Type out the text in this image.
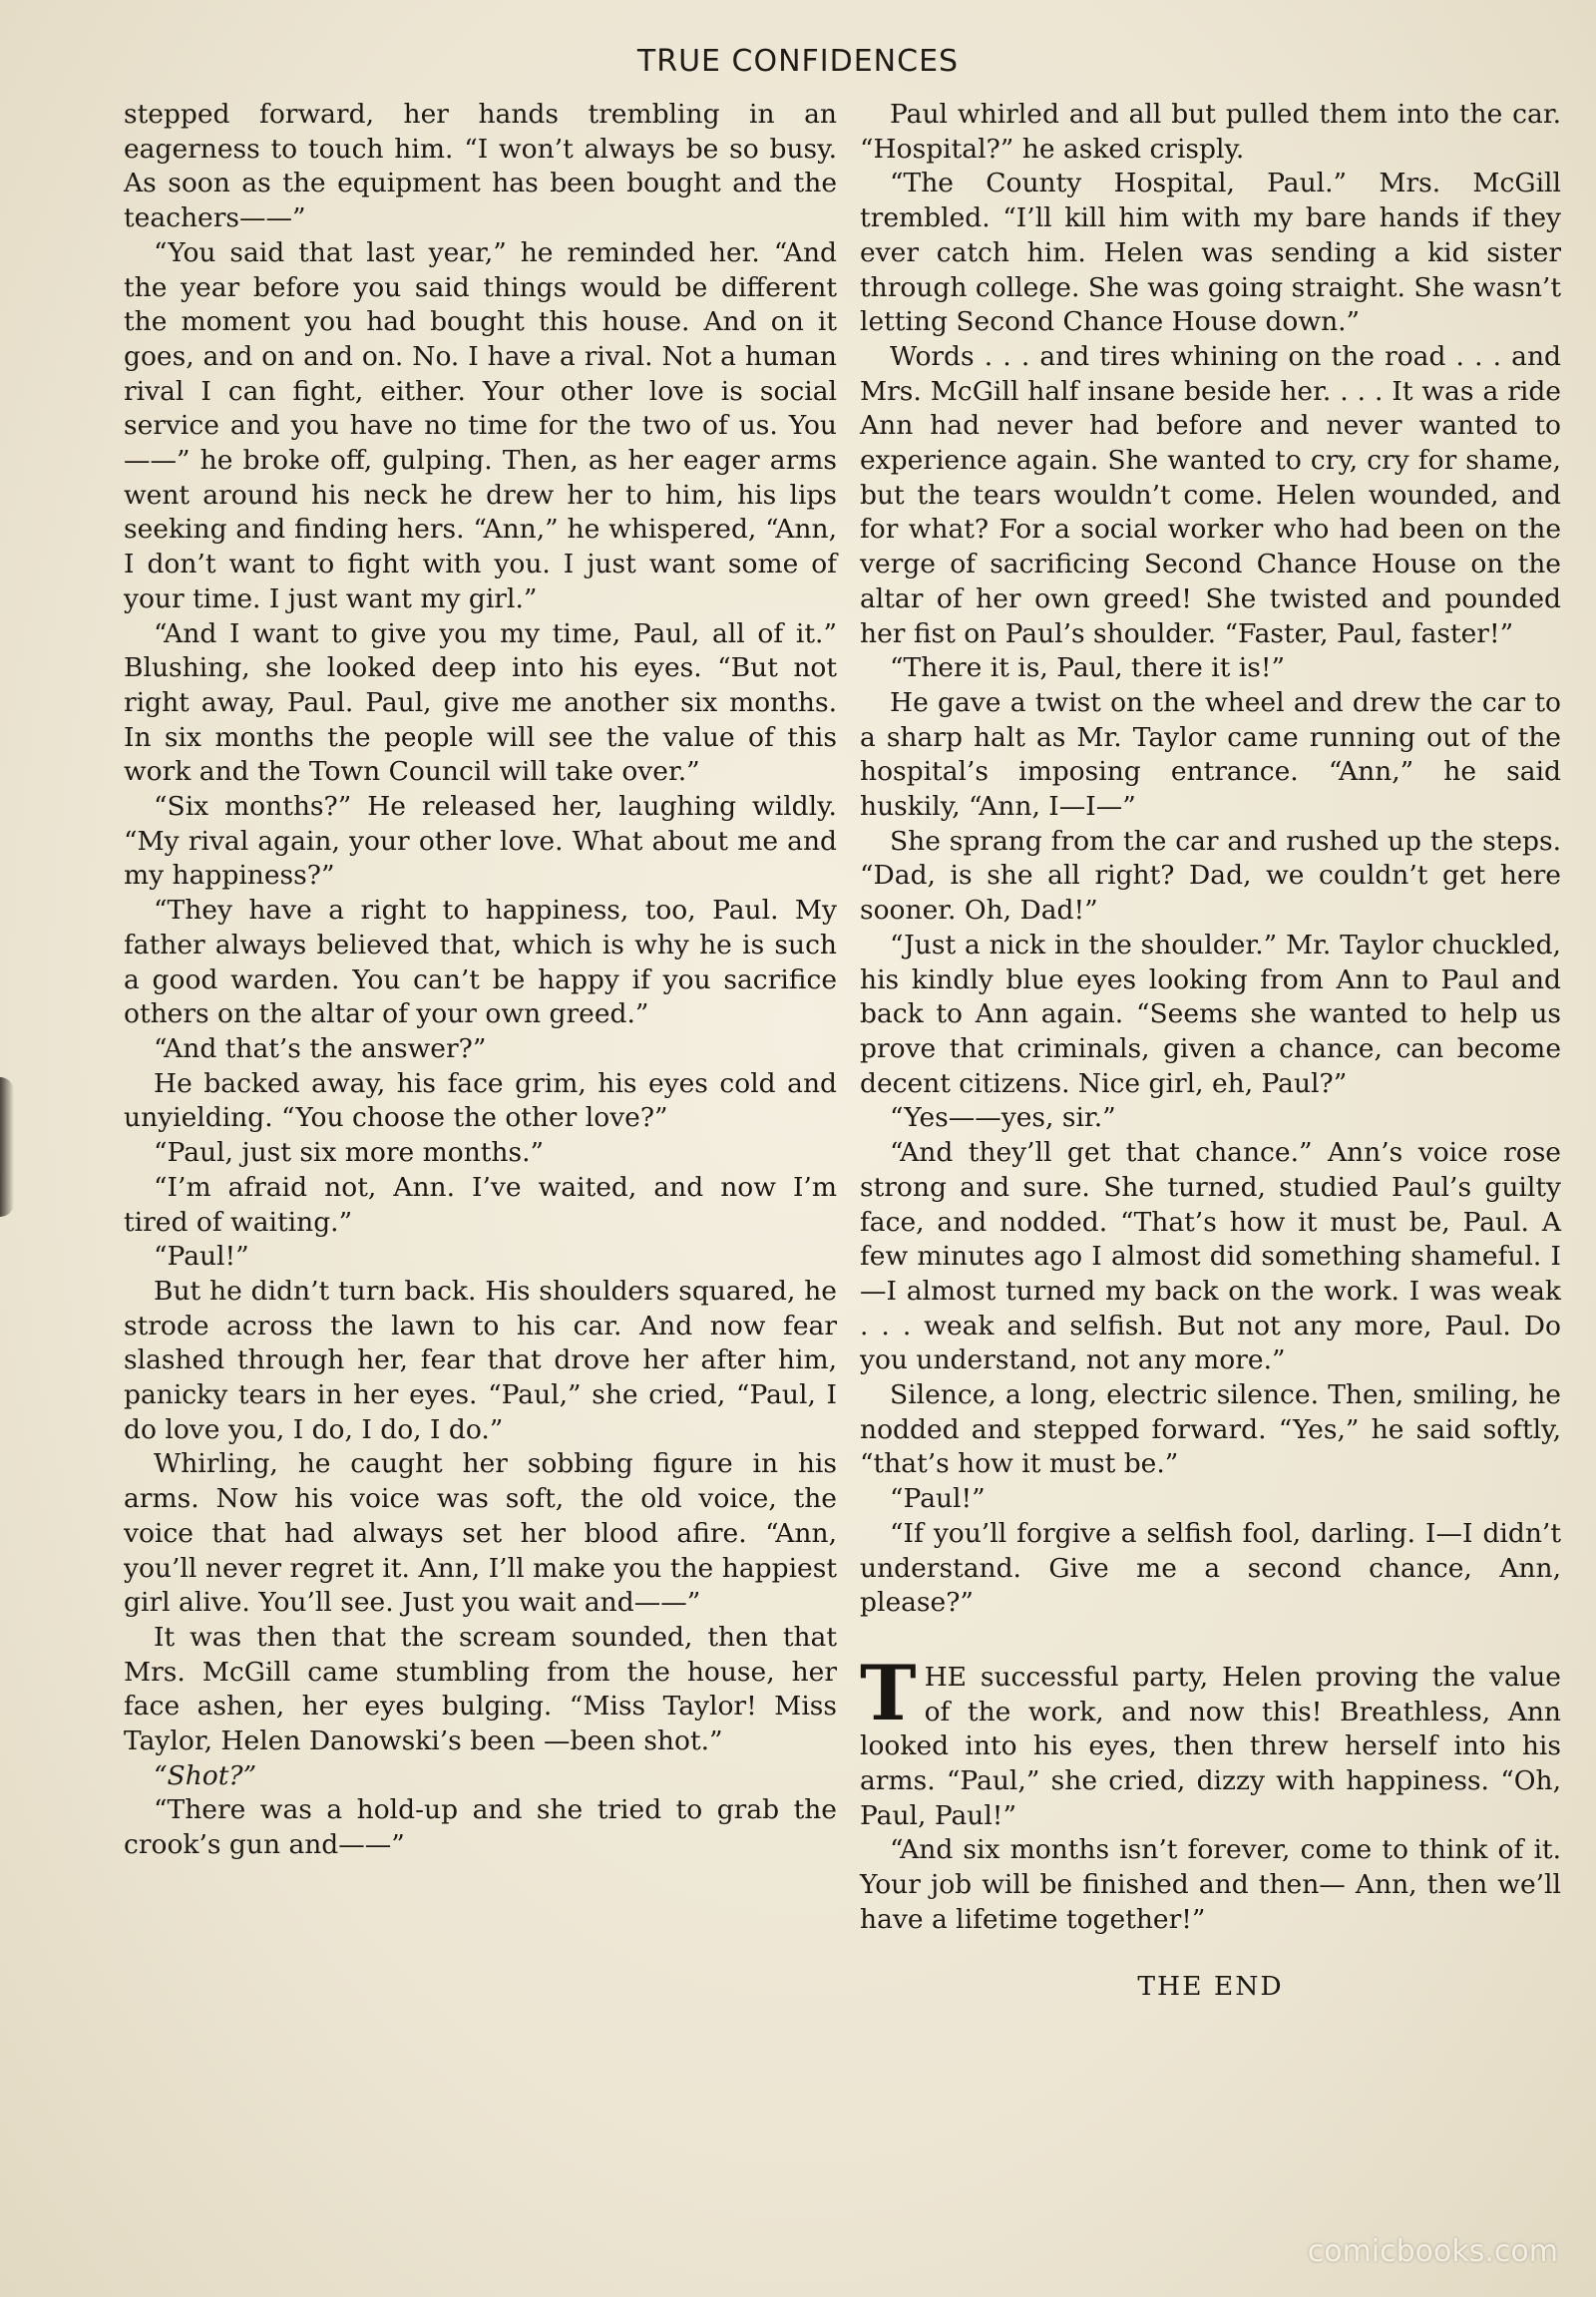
TRUE CONFIDENCES

stepped forward, her hands trembling in an eagerness to touch him. “I won’t always be so busy. As soon as the equipment has been bought and the teachers——”

“You said that last year,” he reminded her. “And the year before you said things would be different the moment you had bought this house. And on it goes, and on and on. No. I have a rival. Not a human rival I can fight, either. Your other love is social service and you have no time for the two of us. You——” he broke off, gulping. Then, as her eager arms went around his neck he drew her to him, his lips seeking and finding hers. “Ann,” he whispered, “Ann, I don’t want to fight with you. I just want some of your time. I just want my girl.”

“And I want to give you my time, Paul, all of it.” Blushing, she looked deep into his eyes. “But not right away, Paul. Paul, give me another six months. In six months the people will see the value of this work and the Town Council will take over.”

“Six months?” He released her, laughing wildly. “My rival again, your other love. What about me and my happiness?”

“They have a right to happiness, too, Paul. My father always believed that, which is why he is such a good warden. You can’t be happy if you sacrifice others on the altar of your own greed.”

“And that’s the answer?”

He backed away, his face grim, his eyes cold and unyielding. “You choose the other love?”

“Paul, just six more months.”

“I’m afraid not, Ann. I’ve waited, and now I’m tired of waiting.”

“Paul!”

But he didn’t turn back. His shoulders squared, he strode across the lawn to his car. And now fear slashed through her, fear that drove her after him, panicky tears in her eyes. “Paul,” she cried, “Paul, I do love you, I do, I do, I do.”

Whirling, he caught her sobbing figure in his arms. Now his voice was soft, the old voice, the voice that had always set her blood afire. “Ann, you’ll never regret it. Ann, I’ll make you the happiest girl alive. You’ll see. Just you wait and——”

It was then that the scream sounded, then that Mrs. McGill came stumbling from the house, her face ashen, her eyes bulging. “Miss Taylor! Miss Taylor, Helen Danowski’s been —been shot.”

“Shot?”

“There was a hold-up and she tried to grab the crook’s gun and——”

Paul whirled and all but pulled them into the car. “Hospital?” he asked crisply.

“The County Hospital, Paul.” Mrs. McGill trembled. “I’ll kill him with my bare hands if they ever catch him. Helen was sending a kid sister through college. She was going straight. She wasn’t letting Second Chance House down.”

Words . . . and tires whining on the road . . . and Mrs. McGill half insane beside her. . . . It was a ride Ann had never had before and never wanted to experience again. She wanted to cry, cry for shame, but the tears wouldn’t come. Helen wounded, and for what? For a social worker who had been on the verge of sacrificing Second Chance House on the altar of her own greed! She twisted and pounded her fist on Paul’s shoulder. “Faster, Paul, faster!”

“There it is, Paul, there it is!”

He gave a twist on the wheel and drew the car to a sharp halt as Mr. Taylor came running out of the hospital’s imposing entrance. “Ann,” he said huskily, “Ann, I—I—”

She sprang from the car and rushed up the steps. “Dad, is she all right? Dad, we couldn’t get here sooner. Oh, Dad!”

“Just a nick in the shoulder.” Mr. Taylor chuckled, his kindly blue eyes looking from Ann to Paul and back to Ann again. “Seems she wanted to help us prove that criminals, given a chance, can become decent citizens. Nice girl, eh, Paul?”

“Yes——yes, sir.”

“And they’ll get that chance.” Ann’s voice rose strong and sure. She turned, studied Paul’s guilty face, and nodded. “That’s how it must be, Paul. A few minutes ago I almost did something shameful. I—I almost turned my back on the work. I was weak . . . weak and selfish. But not any more, Paul. Do you understand, not any more.”

Silence, a long, electric silence. Then, smiling, he nodded and stepped forward. “Yes,” he said softly, “that’s how it must be.”

“Paul!”

“If you’ll forgive a selfish fool, darling. I—I didn’t understand. Give me a second chance, Ann, please?”

THE successful party, Helen proving the value of the work, and now this! Breathless, Ann looked into his eyes, then threw herself into his arms. “Paul,” she cried, dizzy with happiness. “Oh, Paul, Paul!”

“And six months isn’t forever, come to think of it. Your job will be finished and then— Ann, then we’ll have a lifetime together!”

THE END

comicbooks.com
